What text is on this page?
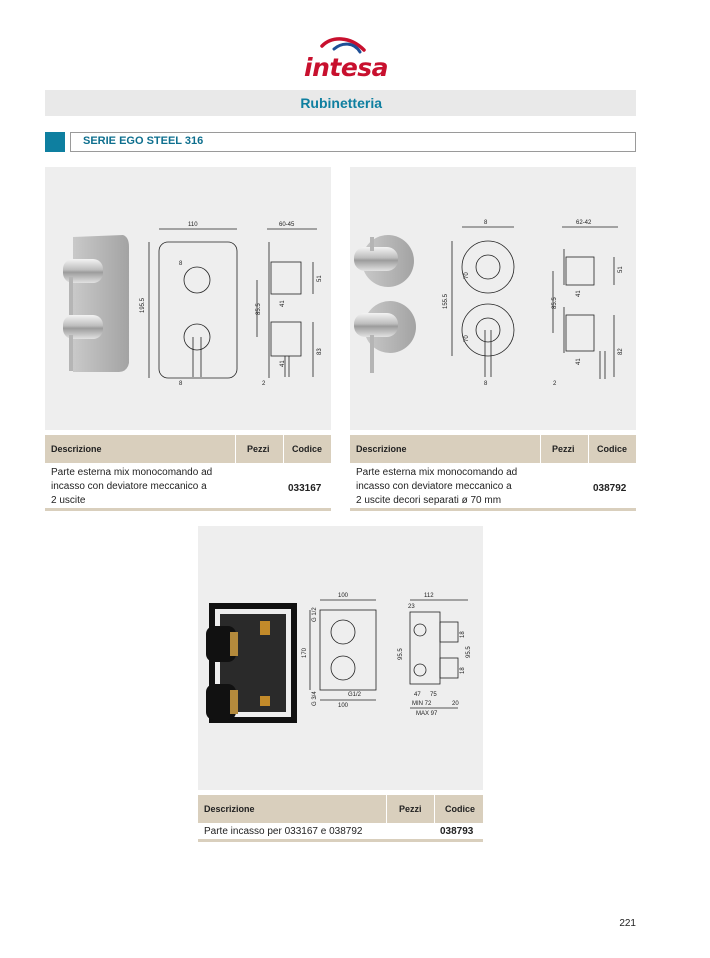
intesa
Rubinetteria
SERIE EGO STEEL 316
110
195.5
8
8
60-45
51
83
85.5	41
41
2
Descrizione	Pezzi Codice
Parte esterna mix monocomando ad
incasso con deviatore meccanico a
2 uscite
033167
8
8
155.5
70
70
62-42
51
82
85.5
41
41
2
Descrizione	Pezzi Codice
Parte esterna mix monocomando ad
incasso con deviatore meccanico a
2 uscite decori separati ø 70 mm
038792
100
100
170
G1/2
G 1/2
G 3/4
112
23
95.5	95.5
18
18
47 75
MIN 72	20
MAX 97
Descrizione	Pezzi	Codice
Parte incasso per 033167 e 038792	038793
221
